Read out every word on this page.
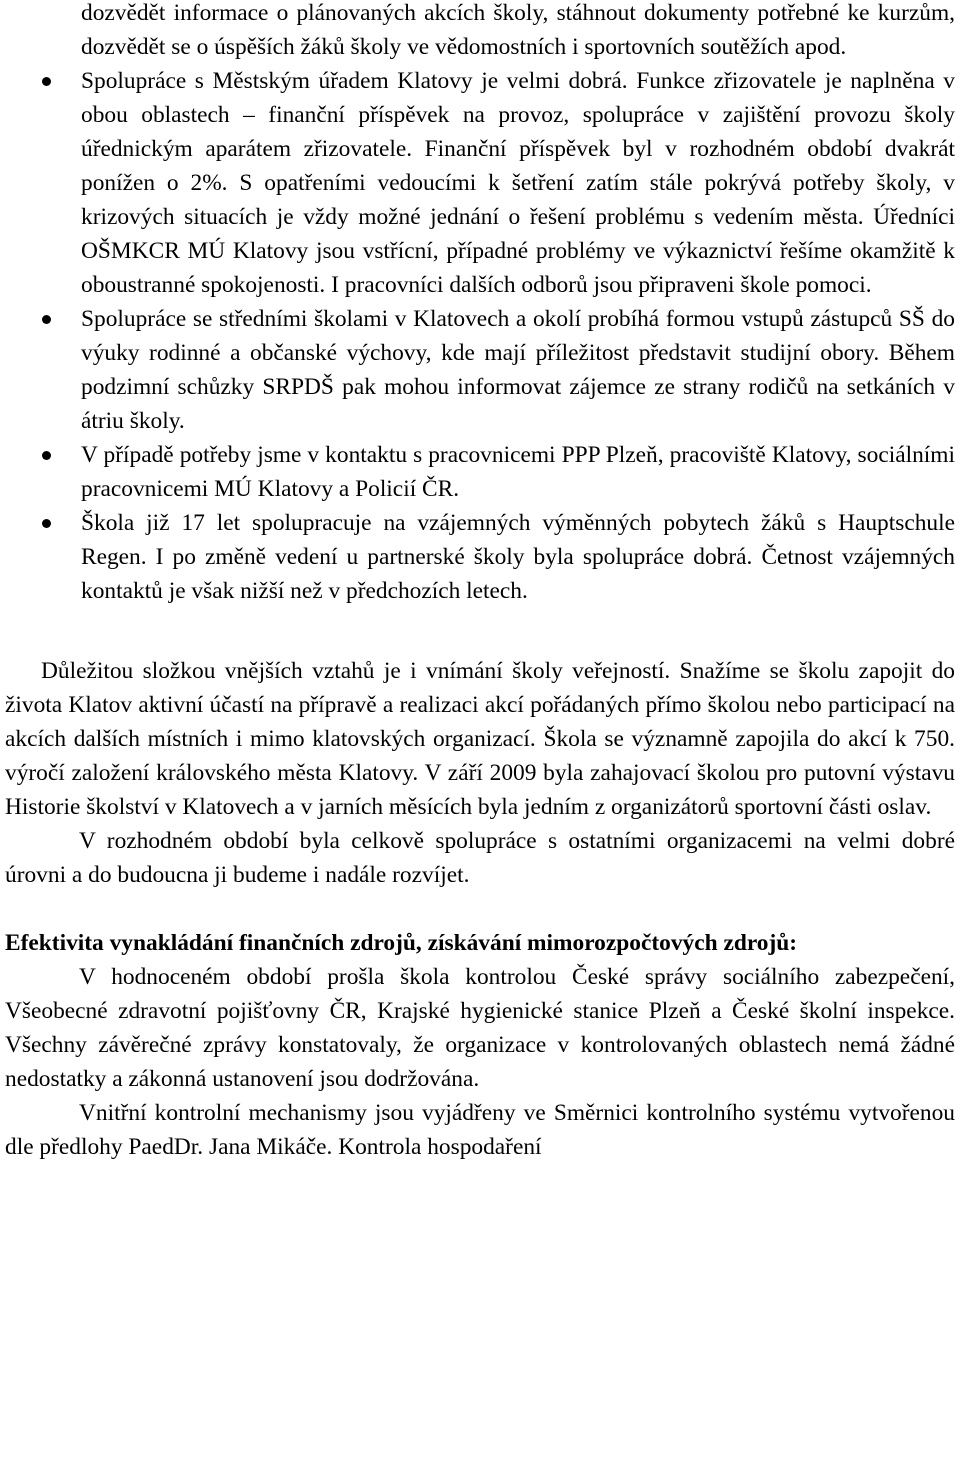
dozvědět informace o plánovaných akcích školy, stáhnout dokumenty potřebné ke kurzům, dozvědět se o úspěších žáků školy ve vědomostních i sportovních soutěžích apod.
Spolupráce s Městským úřadem Klatovy je velmi dobrá. Funkce zřizovatele je naplněna v obou oblastech – finanční příspěvek na provoz, spolupráce v zajištění provozu školy úřednickým aparátem zřizovatele. Finanční příspěvek byl v rozhodném období dvakrát ponížen o 2%. S opatřeními vedoucími k šetření zatím stále pokrývá potřeby školy, v krizových situacích je vždy možné jednání o řešení problému s vedením města. Úředníci OŠMKCR MÚ Klatovy jsou vstřícní, případné problémy ve výkaznictví řešíme okamžitě k oboustranné spokojenosti. I pracovníci dalších odborů jsou připraveni škole pomoci.
Spolupráce se středními školami v Klatovech a okolí probíhá formou vstupů zástupců SŠ do výuky rodinné a občanské výchovy, kde mají příležitost představit studijní obory. Během podzimní schůzky SRPDŠ pak mohou informovat zájemce ze strany rodičů na setkáních v átriu školy.
V případě potřeby jsme v kontaktu s pracovnicemi PPP Plzeň, pracoviště Klatovy, sociálními pracovnicemi MÚ Klatovy a Policií ČR.
Škola již 17 let spolupracuje na vzájemných výměnných pobytech žáků s Hauptschule Regen. I po změně vedení u partnerské školy byla spolupráce dobrá. Četnost vzájemných kontaktů je však nižší než v předchozích letech.

Důležitou složkou vnějších vztahů je i vnímání školy veřejností. Snažíme se školu zapojit do života Klatov aktivní účastí na přípravě a realizaci akcí pořádaných přímo školou nebo participací na akcích dalších místních i mimo klatovských organizací. Škola se významně zapojila do akcí k 750. výročí založení královského města Klatovy. V září 2009 byla zahajovací školou pro putovní výstavu Historie školství v Klatovech a v jarních měsících byla jedním z organizátorů sportovní části oslav.

V rozhodném období byla celkově spolupráce s ostatními organizacemi na velmi dobré úrovni a do budoucna ji budeme i nadále rozvíjet.

Efektivita vynakládání finančních zdrojů, získávání mimorozpočtových zdrojů:

V hodnoceném období prošla škola kontrolou České správy sociálního zabezpečení, Všeobecné zdravotní pojišťovny ČR, Krajské hygienické stanice Plzeň a České školní inspekce. Všechny závěrečné zprávy konstatovaly, že organizace v kontrolovaných oblastech nemá žádné nedostatky a zákonná ustanovení jsou dodržována.

Vnitřní kontrolní mechanismy jsou vyjádřeny ve Směrnici kontrolního systému vytvořenou dle předlohy PaedDr. Jana Mikáče. Kontrola hospodaření
